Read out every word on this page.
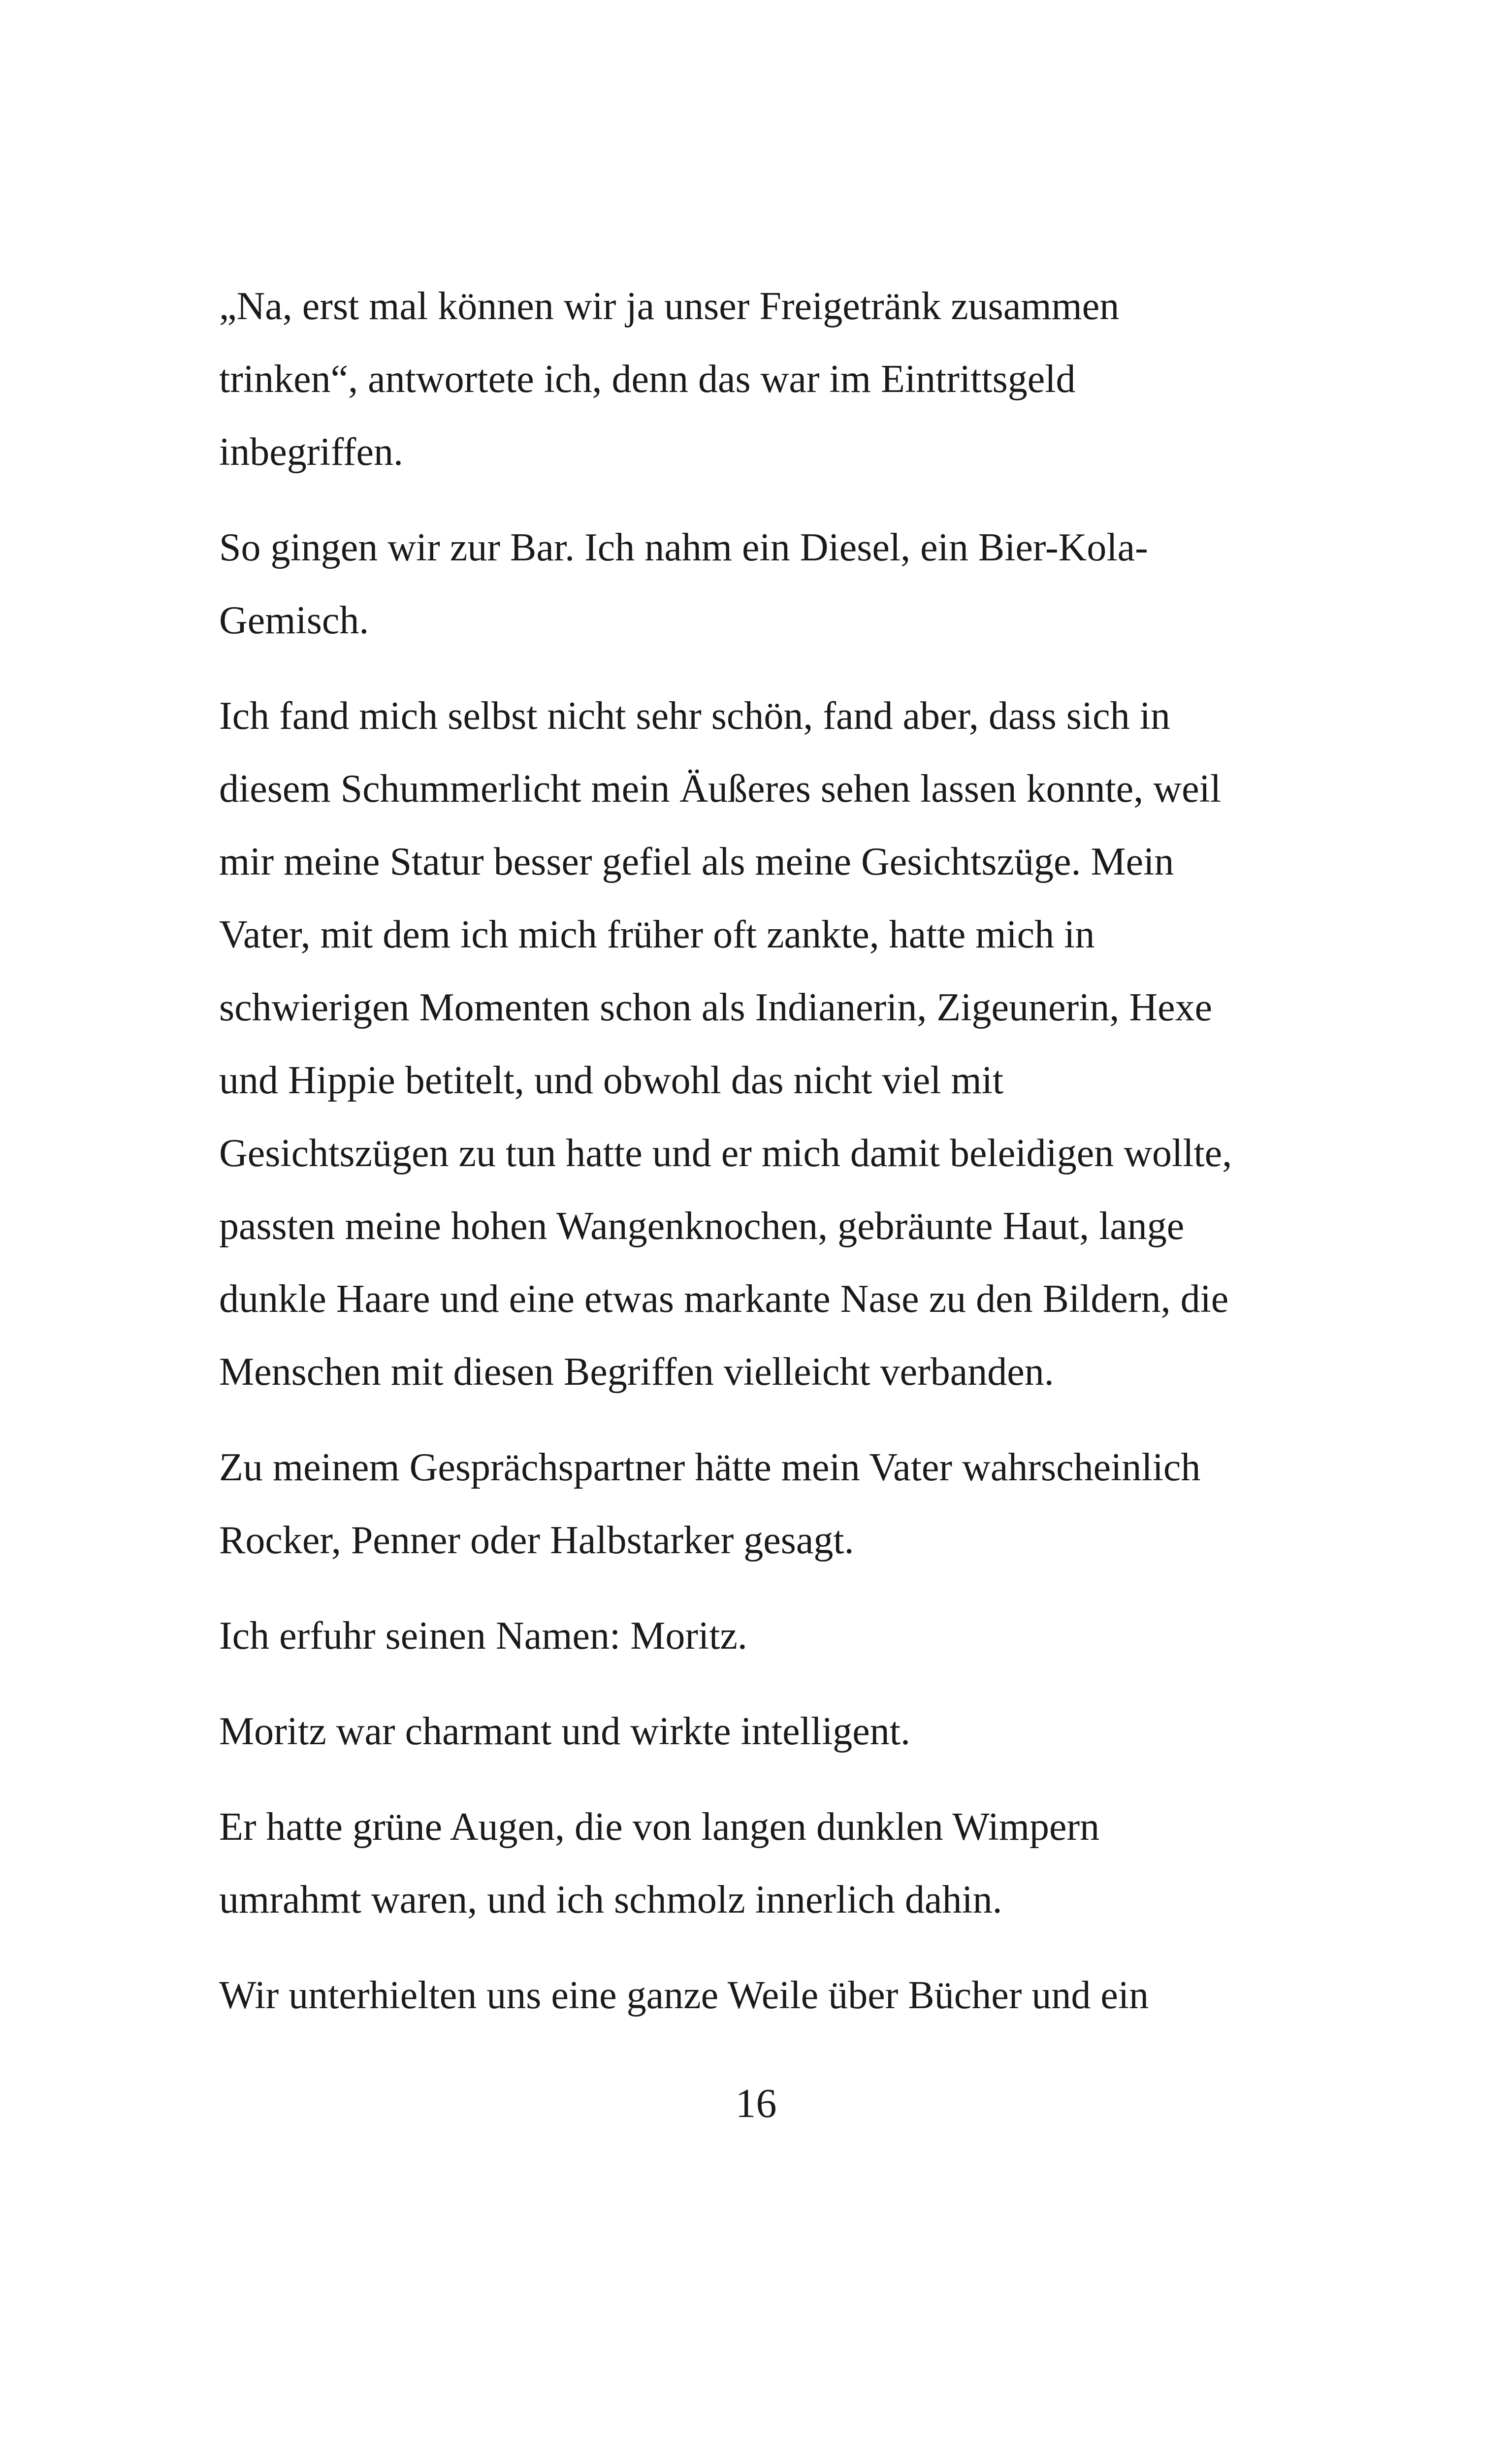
„Na, erst mal können wir ja unser Freigetränk zusammen
trinken“, antwortete ich, denn das war im Eintrittsgeld
inbegriffen.

So gingen wir zur Bar. Ich nahm ein Diesel, ein Bier-Kola-
Gemisch.

Ich fand mich selbst nicht sehr schön, fand aber, dass sich in
diesem Schummerlicht mein Äußeres sehen lassen konnte, weil
mir meine Statur besser gefiel als meine Gesichtszüge. Mein
Vater, mit dem ich mich früher oft zankte, hatte mich in
schwierigen Momenten schon als Indianerin, Zigeunerin, Hexe
und Hippie betitelt, und obwohl das nicht viel mit
Gesichtszügen zu tun hatte und er mich damit beleidigen wollte,
passten meine hohen Wangenknochen, gebräunte Haut, lange
dunkle Haare und eine etwas markante Nase zu den Bildern, die
Menschen mit diesen Begriffen vielleicht verbanden.

Zu meinem Gesprächspartner hätte mein Vater wahrscheinlich
Rocker, Penner oder Halbstarker gesagt.

Ich erfuhr seinen Namen: Moritz.

Moritz war charmant und wirkte intelligent.

Er hatte grüne Augen, die von langen dunklen Wimpern
umrahmt waren, und ich schmolz innerlich dahin.

Wir unterhielten uns eine ganze Weile über Bücher und ein

16
